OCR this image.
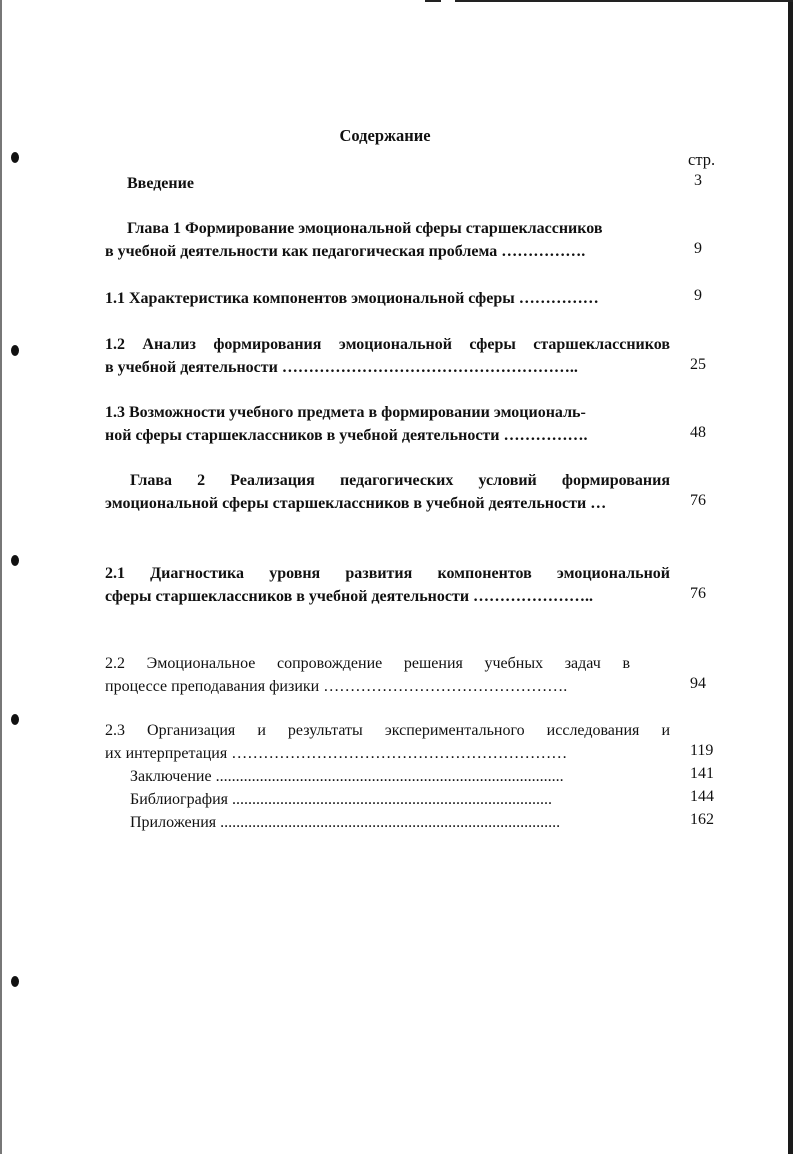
Содержание
стр.
Введение	3
Глава 1 Формирование эмоциональной сферы старшеклассников
в учебной деятельности как педагогическая проблема …………….	9
1.1 Характеристика компонентов эмоциональной сферы ……………	9
1.2 Анализ формирования эмоциональной сферы старшеклассников
в учебной деятельности ………………………………………………..	25
1.3 Возможности учебного предмета в формировании эмоциональ-
ной сферы старшеклассников в учебной деятельности …………….	48
Глава 2 Реализация педагогических условий формирования
эмоциональной сферы старшеклассников в учебной деятельности …	76
2.1 Диагностика уровня развития компонентов эмоциональной
сферы старшеклассников в учебной деятельности …………………..	76
2.2 Эмоциональное сопровождение решения учебных задач в
процессе преподавания физики ……………………………………….	94
2.3 Организация и результаты экспериментального исследования и
их интерпретация ………………………………………………………	119
Заключение .......................................................................................	141
Библиография ................................................................................	144
Приложения .....................................................................................	162
